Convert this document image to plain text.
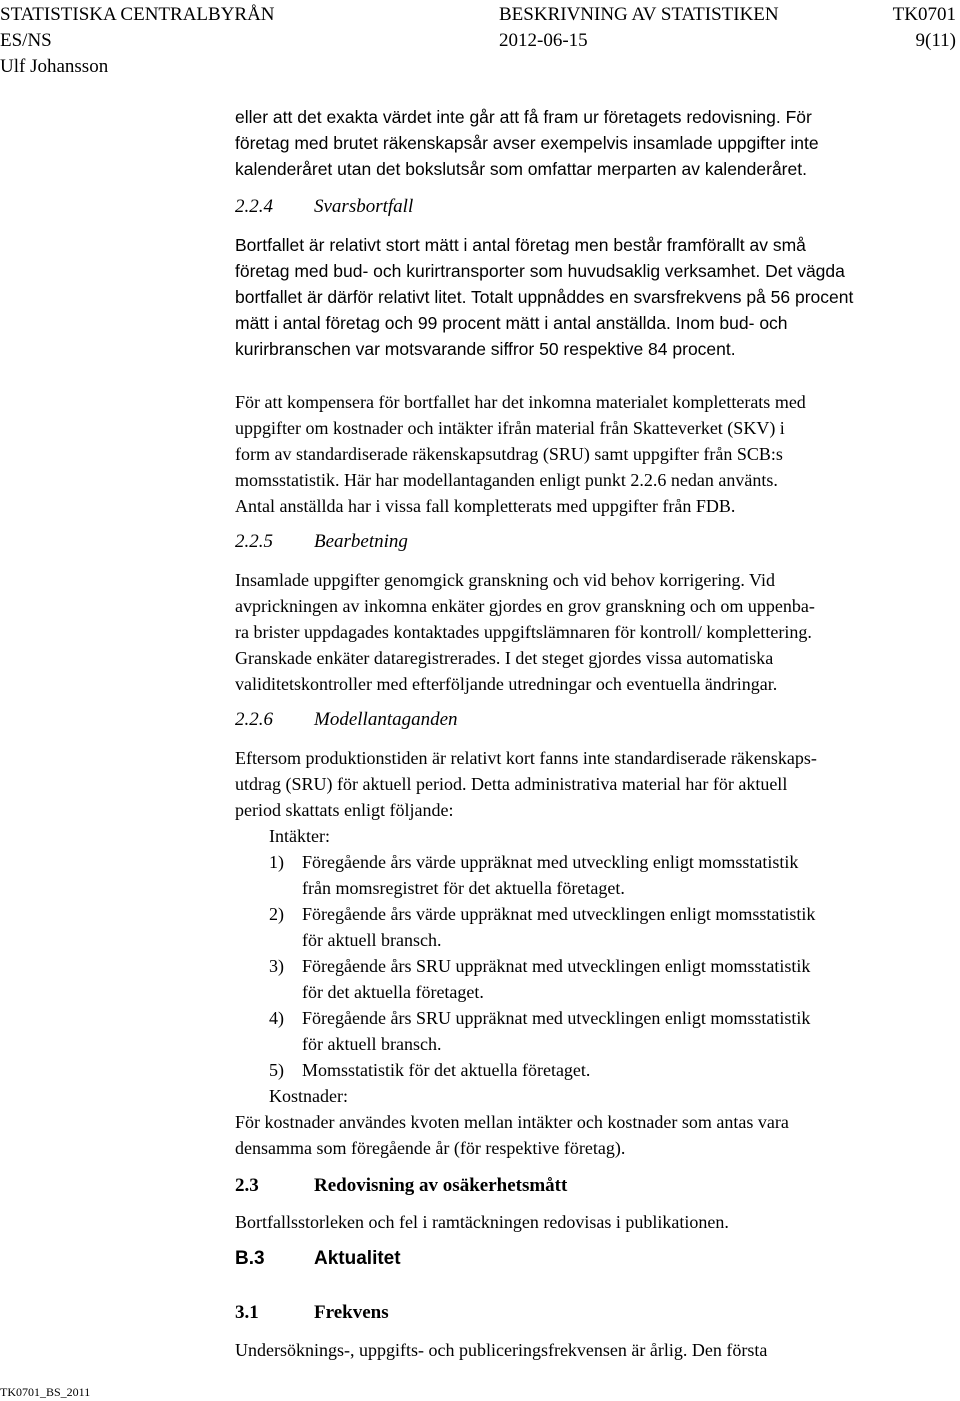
STATISTISKA CENTRALBYRÅN	BESKRIVNING AV STATISTIKEN	TK0701
ES/NS	2012-06-15	9(11)
Ulf Johansson
eller att det exakta värdet inte går att få fram ur företagets redovisning. För
företag med brutet räkenskapsår avser exempelvis insamlade uppgifter inte
kalenderåret utan det bokslutsår som omfattar merparten av kalenderåret.
2.2.4 Svarsbortfall
Bortfallet är relativt stort mätt i antal företag men består framförallt av små
företag med bud- och kurirtransporter som huvudsaklig verksamhet. Det vägda
bortfallet är därför relativt litet. Totalt uppnåddes en svarsfrekvens på 56 procent
mätt i antal företag och 99 procent mätt i antal anställda. Inom bud- och
kurirbranschen var motsvarande siffror 50 respektive 84 procent.
För att kompensera för bortfallet har det inkomna materialet kompletterats med
uppgifter om kostnader och intäkter ifrån material från Skatteverket (SKV) i
form av standardiserade räkenskapsutdrag (SRU) samt uppgifter från SCB:s
momsstatistik. Här har modellantaganden enligt punkt 2.2.6 nedan använts.
Antal anställda har i vissa fall kompletterats med uppgifter från FDB.
2.2.5 Bearbetning
Insamlade uppgifter genomgick granskning och vid behov korrigering. Vid
avprickningen av inkomna enkäter gjordes en grov granskning och om uppenba-
ra brister uppdagades kontaktades uppgiftslämnaren för kontroll/ komplettering.
Granskade enkäter dataregistrerades. I det steget gjordes vissa automatiska
validitetskontroller med efterföljande utredningar och eventuella ändringar.
2.2.6 Modellantaganden
Eftersom produktionstiden är relativt kort fanns inte standardiserade räkenskaps-
utdrag (SRU) för aktuell period. Detta administrativa material har för aktuell
period skattats enligt följande:
Intäkter:
1) Föregående års värde uppräknat med utveckling enligt momsstatistik
från momsregistret för det aktuella företaget.
2) Föregående års värde uppräknat med utvecklingen enligt momsstatistik
för aktuell bransch.
3) Föregående års SRU uppräknat med utvecklingen enligt momsstatistik
för det aktuella företaget.
4) Föregående års SRU uppräknat med utvecklingen enligt momsstatistik
för aktuell bransch.
5) Momsstatistik för det aktuella företaget.
Kostnader:
För kostnader användes kvoten mellan intäkter och kostnader som antas vara
densamma som föregående år (för respektive företag).
2.3	Redovisning av osäkerhetsmått
Bortfallsstorleken och fel i ramtäckningen redovisas i publikationen.
B.3	Aktualitet
3.1	Frekvens
Undersöknings-, uppgifts- och publiceringsfrekvensen är årlig. Den första
TK0701_BS_2011
